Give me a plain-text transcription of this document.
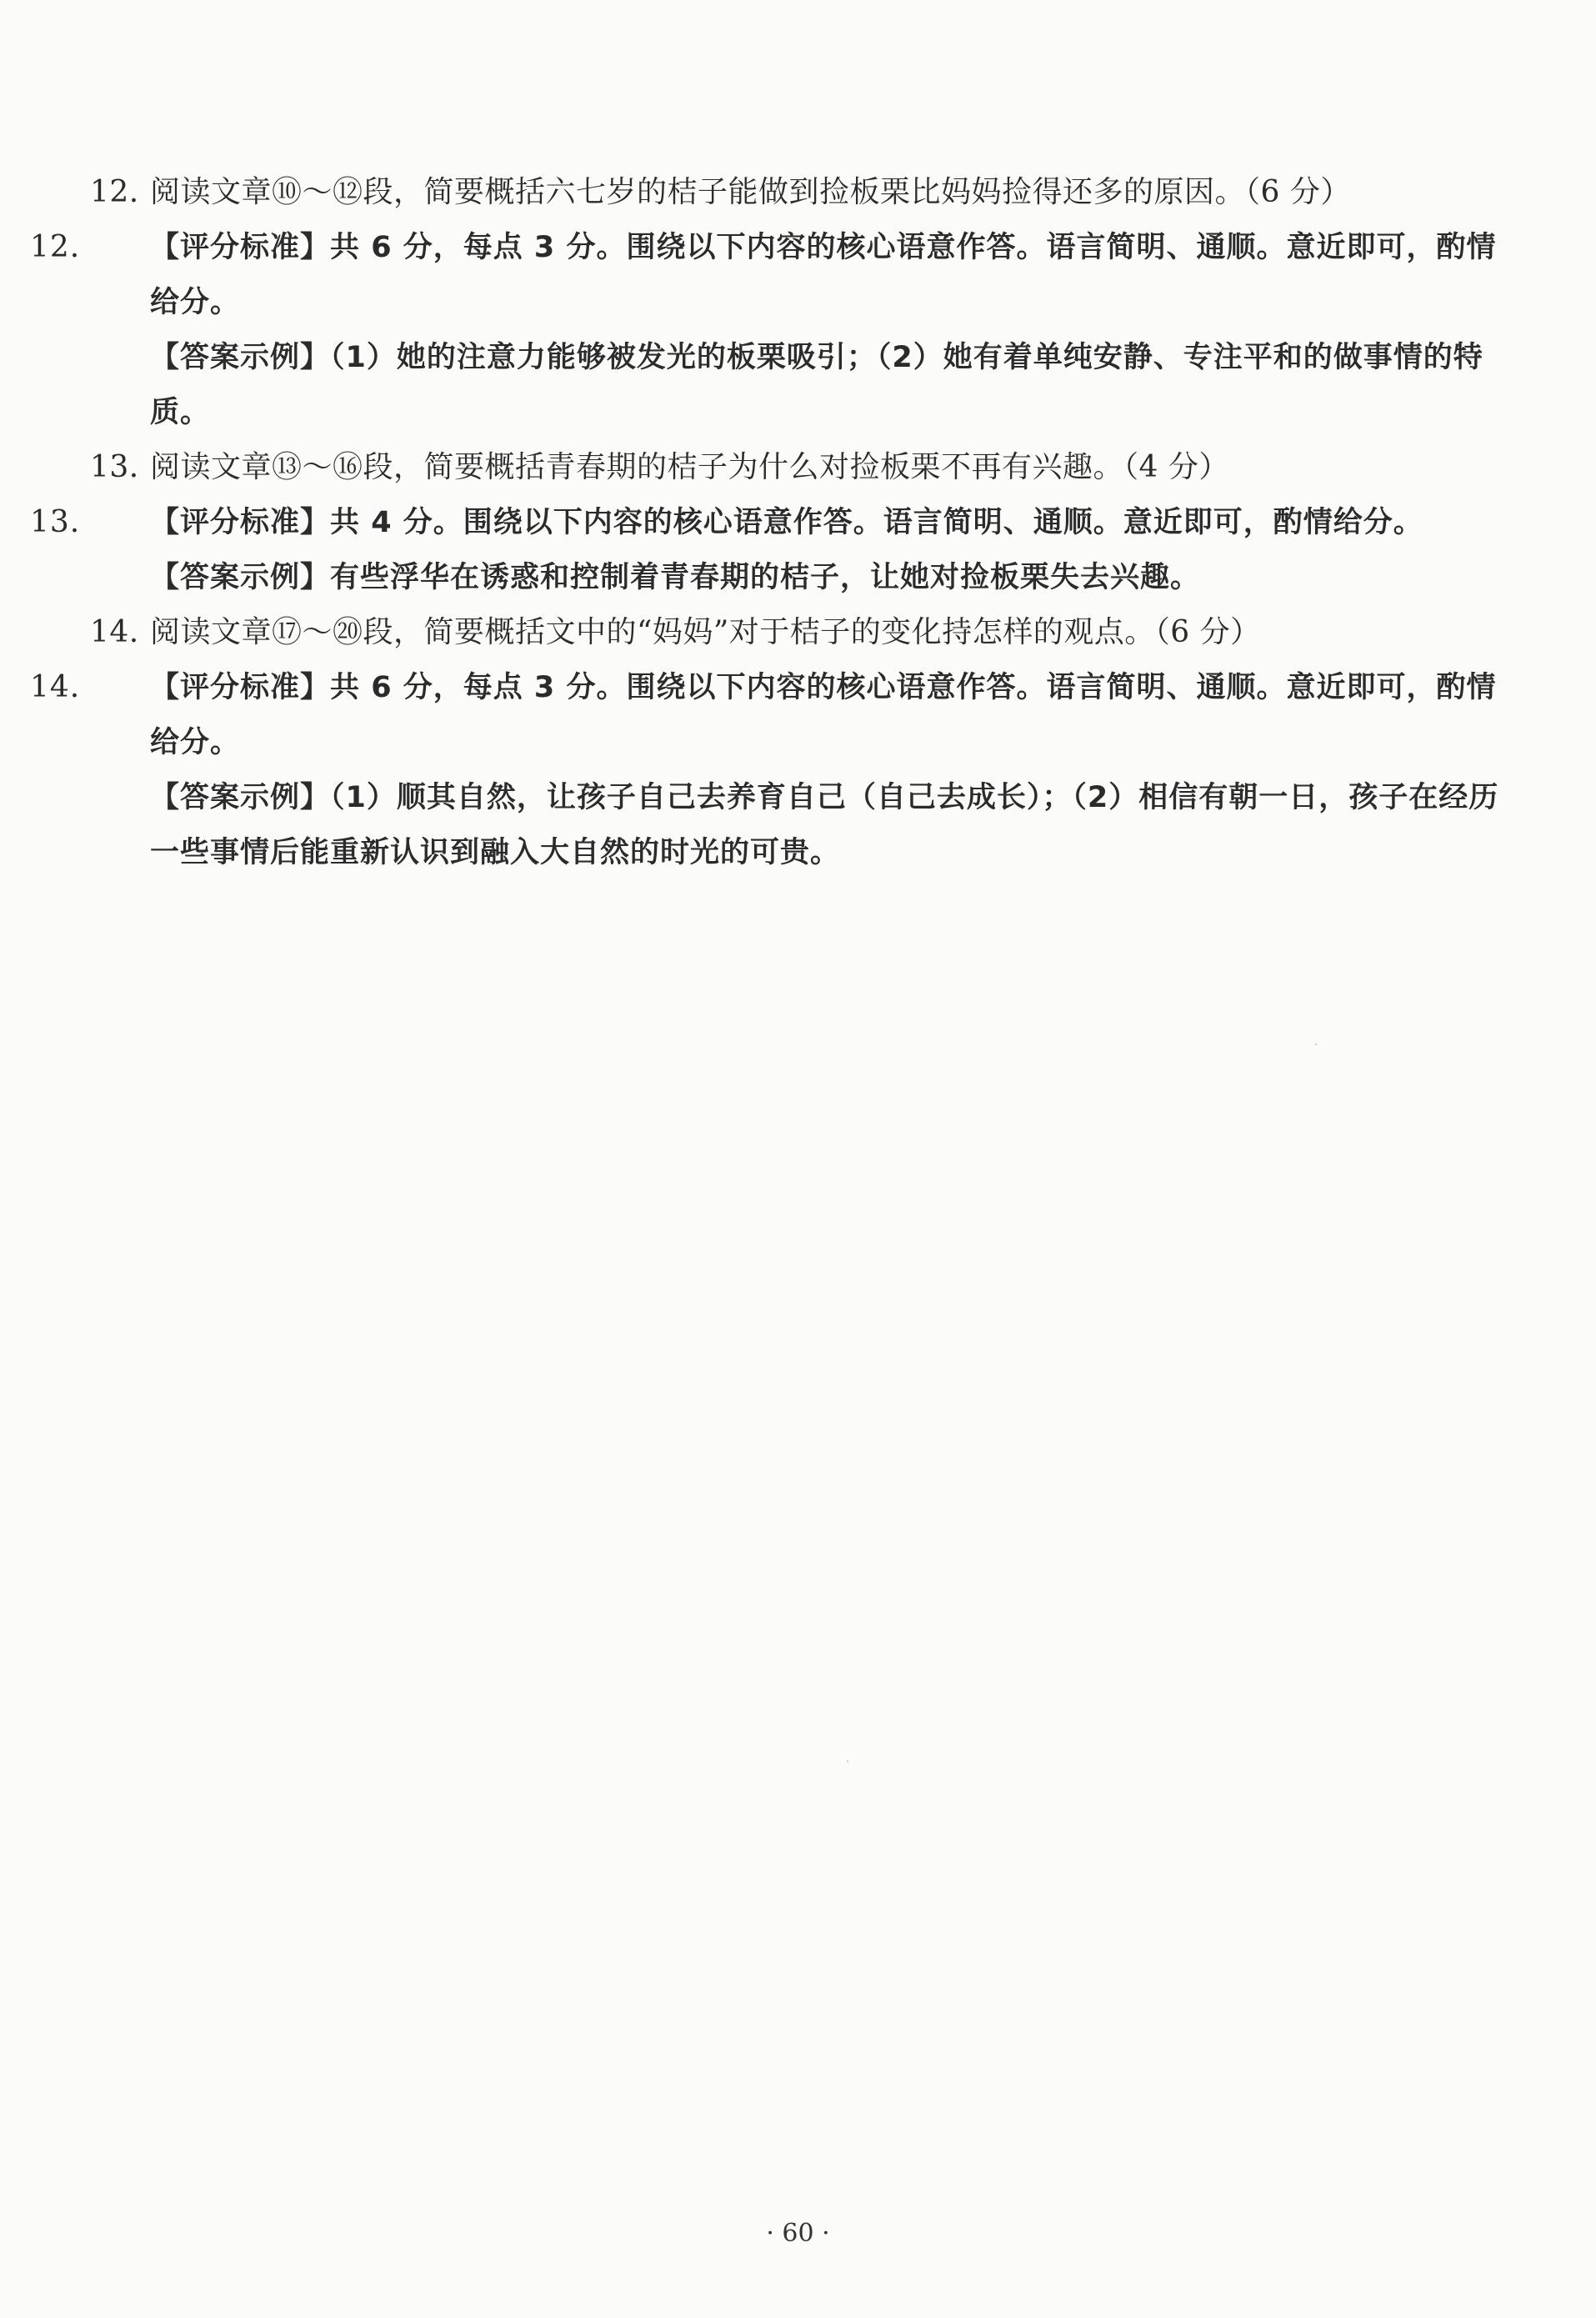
12. 阅读文章⑩～⑫段，简要概括六七岁的桔子能做到捡板栗比妈妈捡得还多的原因。（6 分）
12. 【评分标准】共 6 分，每点 3 分。围绕以下内容的核心语意作答。语言简明、通顺。意近即可，酌情给分。
【答案示例】（1）她的注意力能够被发光的板栗吸引；（2）她有着单纯安静、专注平和的做事情的特质。
13. 阅读文章⑬～⑯段，简要概括青春期的桔子为什么对捡板栗不再有兴趣。（4 分）
13. 【评分标准】共 4 分。围绕以下内容的核心语意作答。语言简明、通顺。意近即可，酌情给分。
【答案示例】有些浮华在诱惑和控制着青春期的桔子，让她对捡板栗失去兴趣。
14. 阅读文章⑰～⑳段，简要概括文中的“妈妈”对于桔子的变化持怎样的观点。（6 分）
14. 【评分标准】共 6 分，每点 3 分。围绕以下内容的核心语意作答。语言简明、通顺。意近即可，酌情给分。
【答案示例】（1）顺其自然，让孩子自己去养育自己（自己去成长）；（2）相信有朝一日，孩子在经历一些事情后能重新认识到融入大自然的时光的可贵。
· 60 ·
